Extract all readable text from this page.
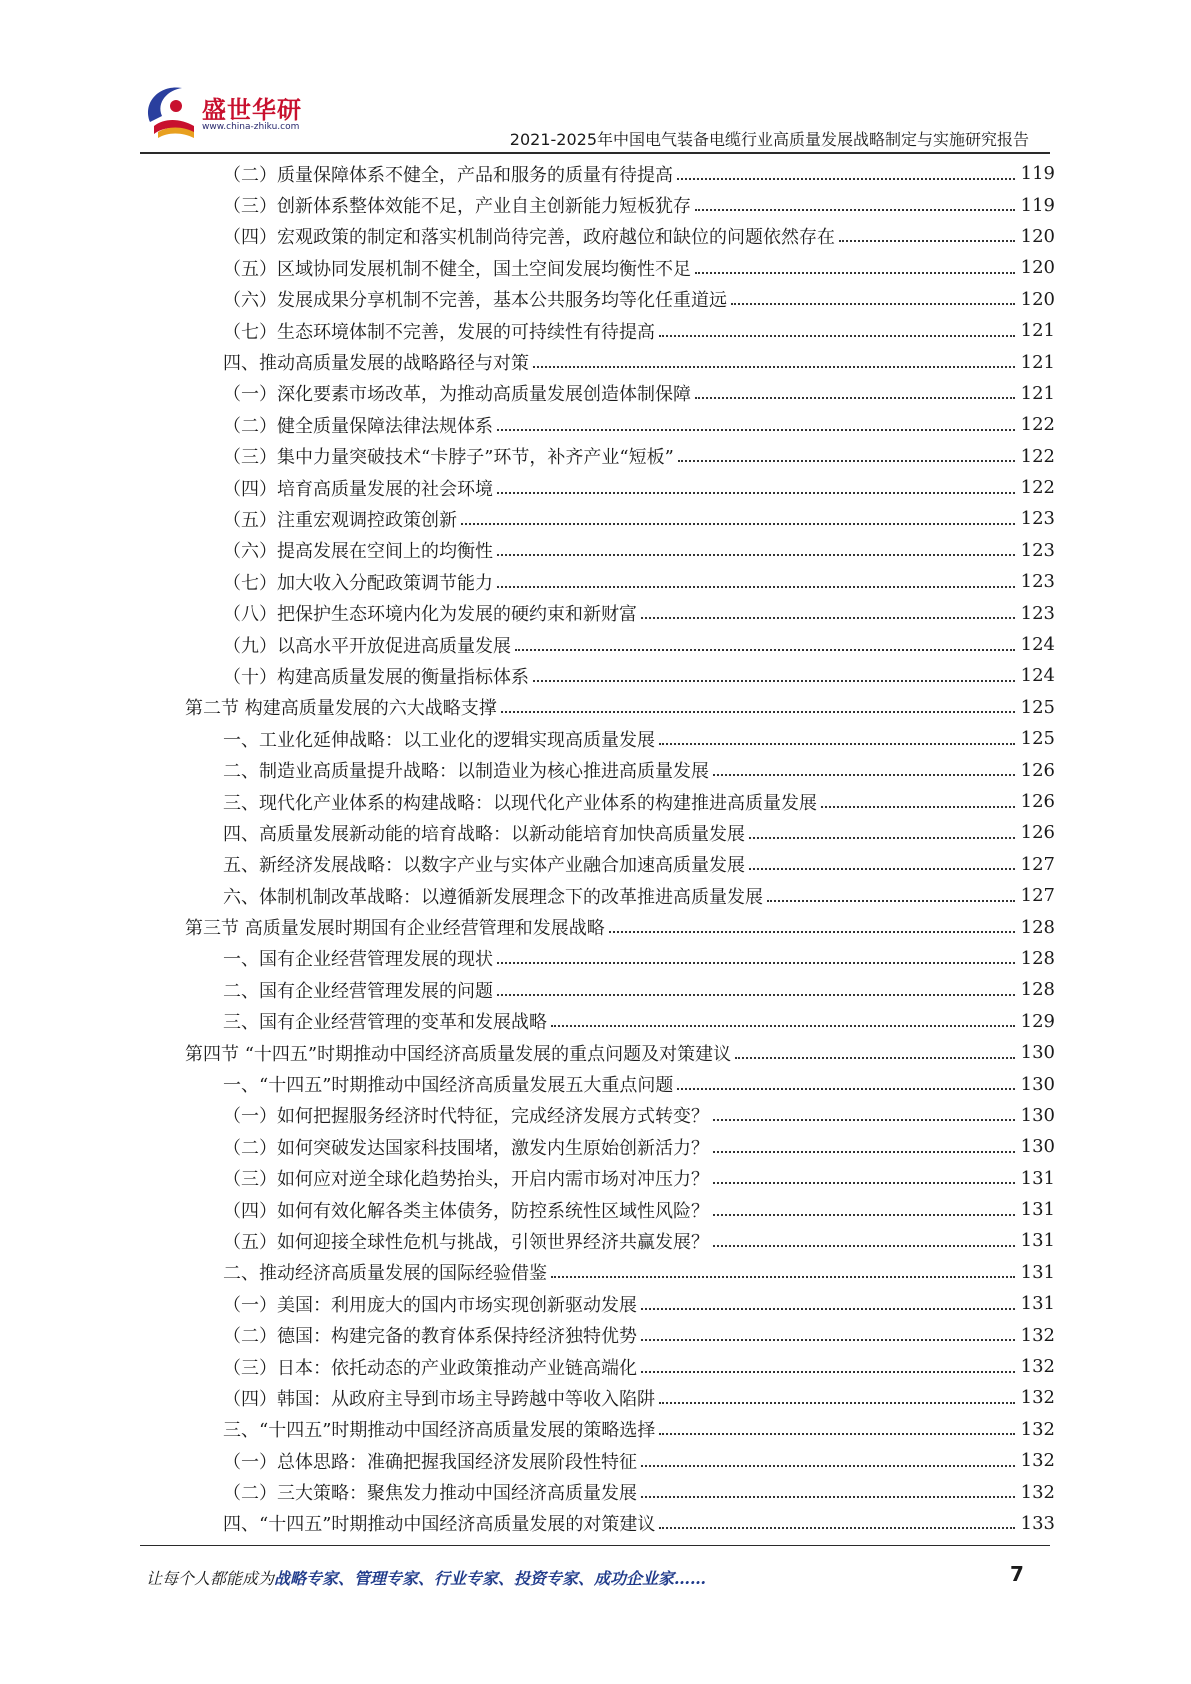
盛世华研
www.china-zhiku.com
2021-2025年中国电气装备电缆行业高质量发展战略制定与实施研究报告
（二）质量保障体系不健全，产品和服务的质量有待提高	119
（三）创新体系整体效能不足，产业自主创新能力短板犹存	119
（四）宏观政策的制定和落实机制尚待完善，政府越位和缺位的问题依然存在	120
（五）区域协同发展机制不健全，国土空间发展均衡性不足	120
（六）发展成果分享机制不完善，基本公共服务均等化任重道远	120
（七）生态环境体制不完善，发展的可持续性有待提高	121
四、推动高质量发展的战略路径与对策	121
（一）深化要素市场改革，为推动高质量发展创造体制保障	121
（二）健全质量保障法律法规体系	122
（三）集中力量突破技术“卡脖子”环节，补齐产业“短板”	122
（四）培育高质量发展的社会环境	122
（五）注重宏观调控政策创新	123
（六）提高发展在空间上的均衡性	123
（七）加大收入分配政策调节能力	123
（八）把保护生态环境内化为发展的硬约束和新财富	123
（九）以高水平开放促进高质量发展	124
（十）构建高质量发展的衡量指标体系	124
第二节 构建高质量发展的六大战略支撑	125
一、工业化延伸战略：以工业化的逻辑实现高质量发展	125
二、制造业高质量提升战略：以制造业为核心推进高质量发展	126
三、现代化产业体系的构建战略：以现代化产业体系的构建推进高质量发展	126
四、高质量发展新动能的培育战略：以新动能培育加快高质量发展	126
五、新经济发展战略：以数字产业与实体产业融合加速高质量发展	127
六、体制机制改革战略：以遵循新发展理念下的改革推进高质量发展	127
第三节 高质量发展时期国有企业经营管理和发展战略	128
一、国有企业经营管理发展的现状	128
二、国有企业经营管理发展的问题	128
三、国有企业经营管理的变革和发展战略	129
第四节 “十四五”时期推动中国经济高质量发展的重点问题及对策建议	130
一、“十四五”时期推动中国经济高质量发展五大重点问题	130
（一）如何把握服务经济时代特征，完成经济发展方式转变？	130
（二）如何突破发达国家科技围堵，激发内生原始创新活力？	130
（三）如何应对逆全球化趋势抬头，开启内需市场对冲压力？	131
（四）如何有效化解各类主体债务，防控系统性区域性风险？	131
（五）如何迎接全球性危机与挑战，引领世界经济共赢发展？	131
二、推动经济高质量发展的国际经验借鉴	131
（一）美国：利用庞大的国内市场实现创新驱动发展	131
（二）德国：构建完备的教育体系保持经济独特优势	132
（三）日本：依托动态的产业政策推动产业链高端化	132
（四）韩国：从政府主导到市场主导跨越中等收入陷阱	132
三、“十四五”时期推动中国经济高质量发展的策略选择	132
（一）总体思路：准确把握我国经济发展阶段性特征	132
（二）三大策略：聚焦发力推动中国经济高质量发展	132
四、“十四五”时期推动中国经济高质量发展的对策建议	133
让每个人都能成为战略专家、管理专家、行业专家、投资专家、成功企业家……	7
